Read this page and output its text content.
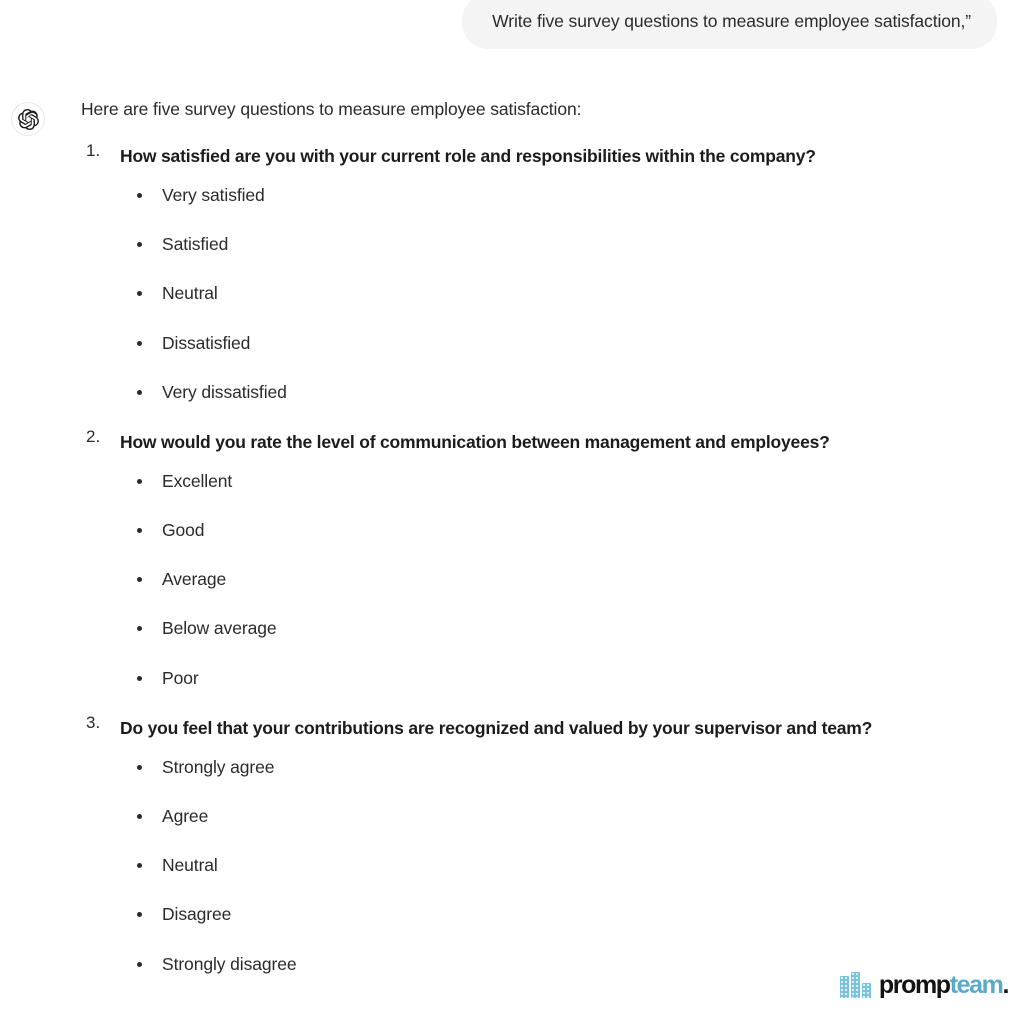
Write five survey questions to measure employee satisfaction,”

Here are five survey questions to measure employee satisfaction:

How satisfied are you with your current role and responsibilities within the company?
Very satisfied
Satisfied
Neutral
Dissatisfied
Very dissatisfied
How would you rate the level of communication between management and employees?
Excellent
Good
Average
Below average
Poor
Do you feel that your contributions are recognized and valued by your supervisor and team?
Strongly agree
Agree
Neutral
Disagree
Strongly disagree
prompteam.
